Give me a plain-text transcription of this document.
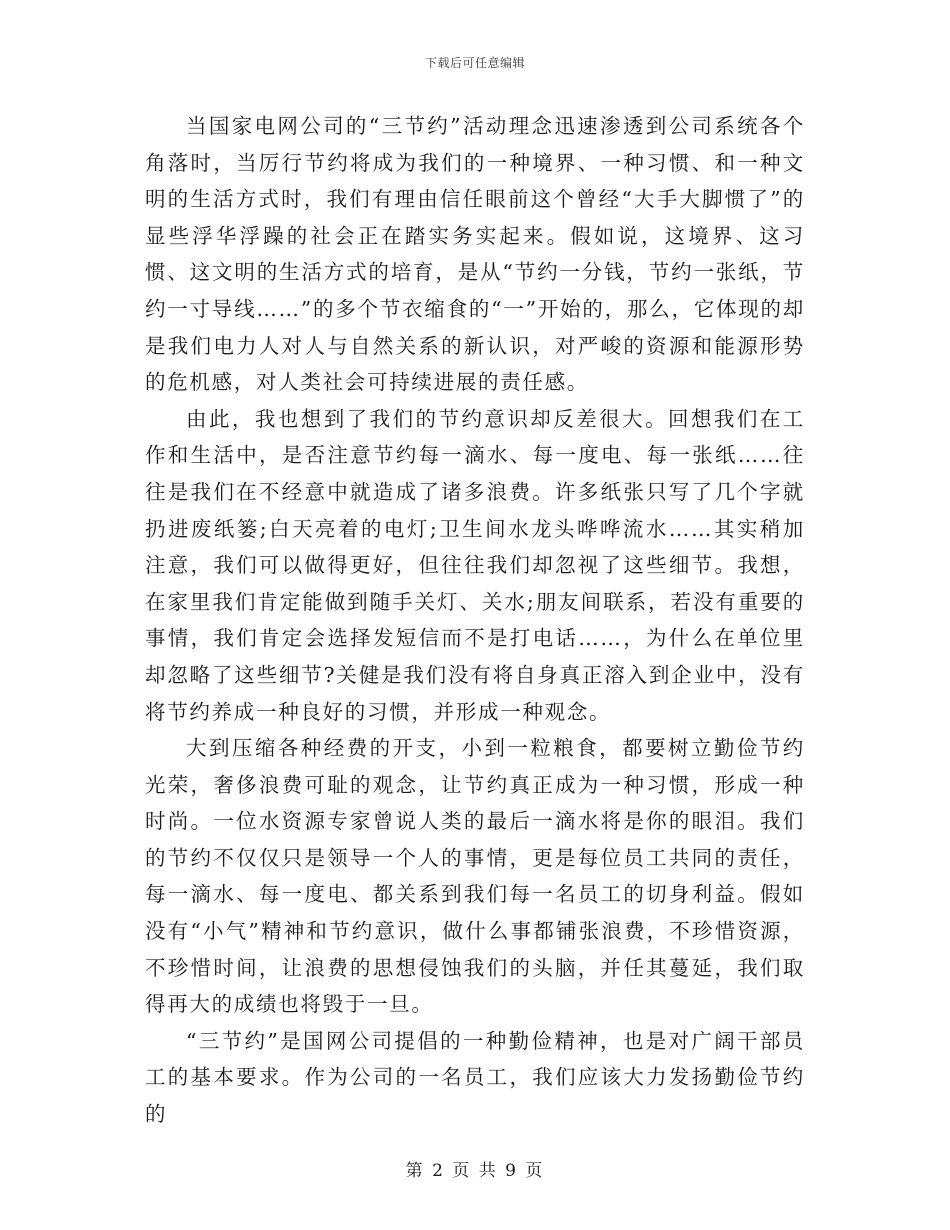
下载后可任意编辑

当国家电网公司的“三节约”活动理念迅速渗透到公司系统各个角落时，当厉行节约将成为我们的一种境界、一种习惯、和一种文明的生活方式时，我们有理由信任眼前这个曾经“大手大脚惯了”的显些浮华浮躁的社会正在踏实务实起来。假如说，这境界、这习惯、这文明的生活方式的培育，是从“节约一分钱，节约一张纸，节约一寸导线……”的多个节衣缩食的“一”开始的，那么，它体现的却是我们电力人对人与自然关系的新认识，对严峻的资源和能源形势的危机感，对人类社会可持续进展的责任感。

由此，我也想到了我们的节约意识却反差很大。回想我们在工作和生活中，是否注意节约每一滴水、每一度电、每一张纸……往往是我们在不经意中就造成了诸多浪费。许多纸张只写了几个字就扔进废纸篓;白天亮着的电灯;卫生间水龙头哗哗流水……其实稍加注意，我们可以做得更好，但往往我们却忽视了这些细节。我想，在家里我们肯定能做到随手关灯、关水;朋友间联系，若没有重要的事情，我们肯定会选择发短信而不是打电话……，为什么在单位里却忽略了这些细节?关健是我们没有将自身真正溶入到企业中，没有将节约养成一种良好的习惯，并形成一种观念。

大到压缩各种经费的开支，小到一粒粮食，都要树立勤俭节约光荣，奢侈浪费可耻的观念，让节约真正成为一种习惯，形成一种时尚。一位水资源专家曾说人类的最后一滴水将是你的眼泪。我们的节约不仅仅只是领导一个人的事情，更是每位员工共同的责任，每一滴水、每一度电、都关系到我们每一名员工的切身利益。假如没有“小气”精神和节约意识，做什么事都铺张浪费，不珍惜资源，不珍惜时间，让浪费的思想侵蚀我们的头脑，并任其蔓延，我们取得再大的成绩也将毁于一旦。

“三节约”是国网公司提倡的一种勤俭精神，也是对广阔干部员工的基本要求。作为公司的一名员工，我们应该大力发扬勤俭节约的

第 2 页 共 9 页
